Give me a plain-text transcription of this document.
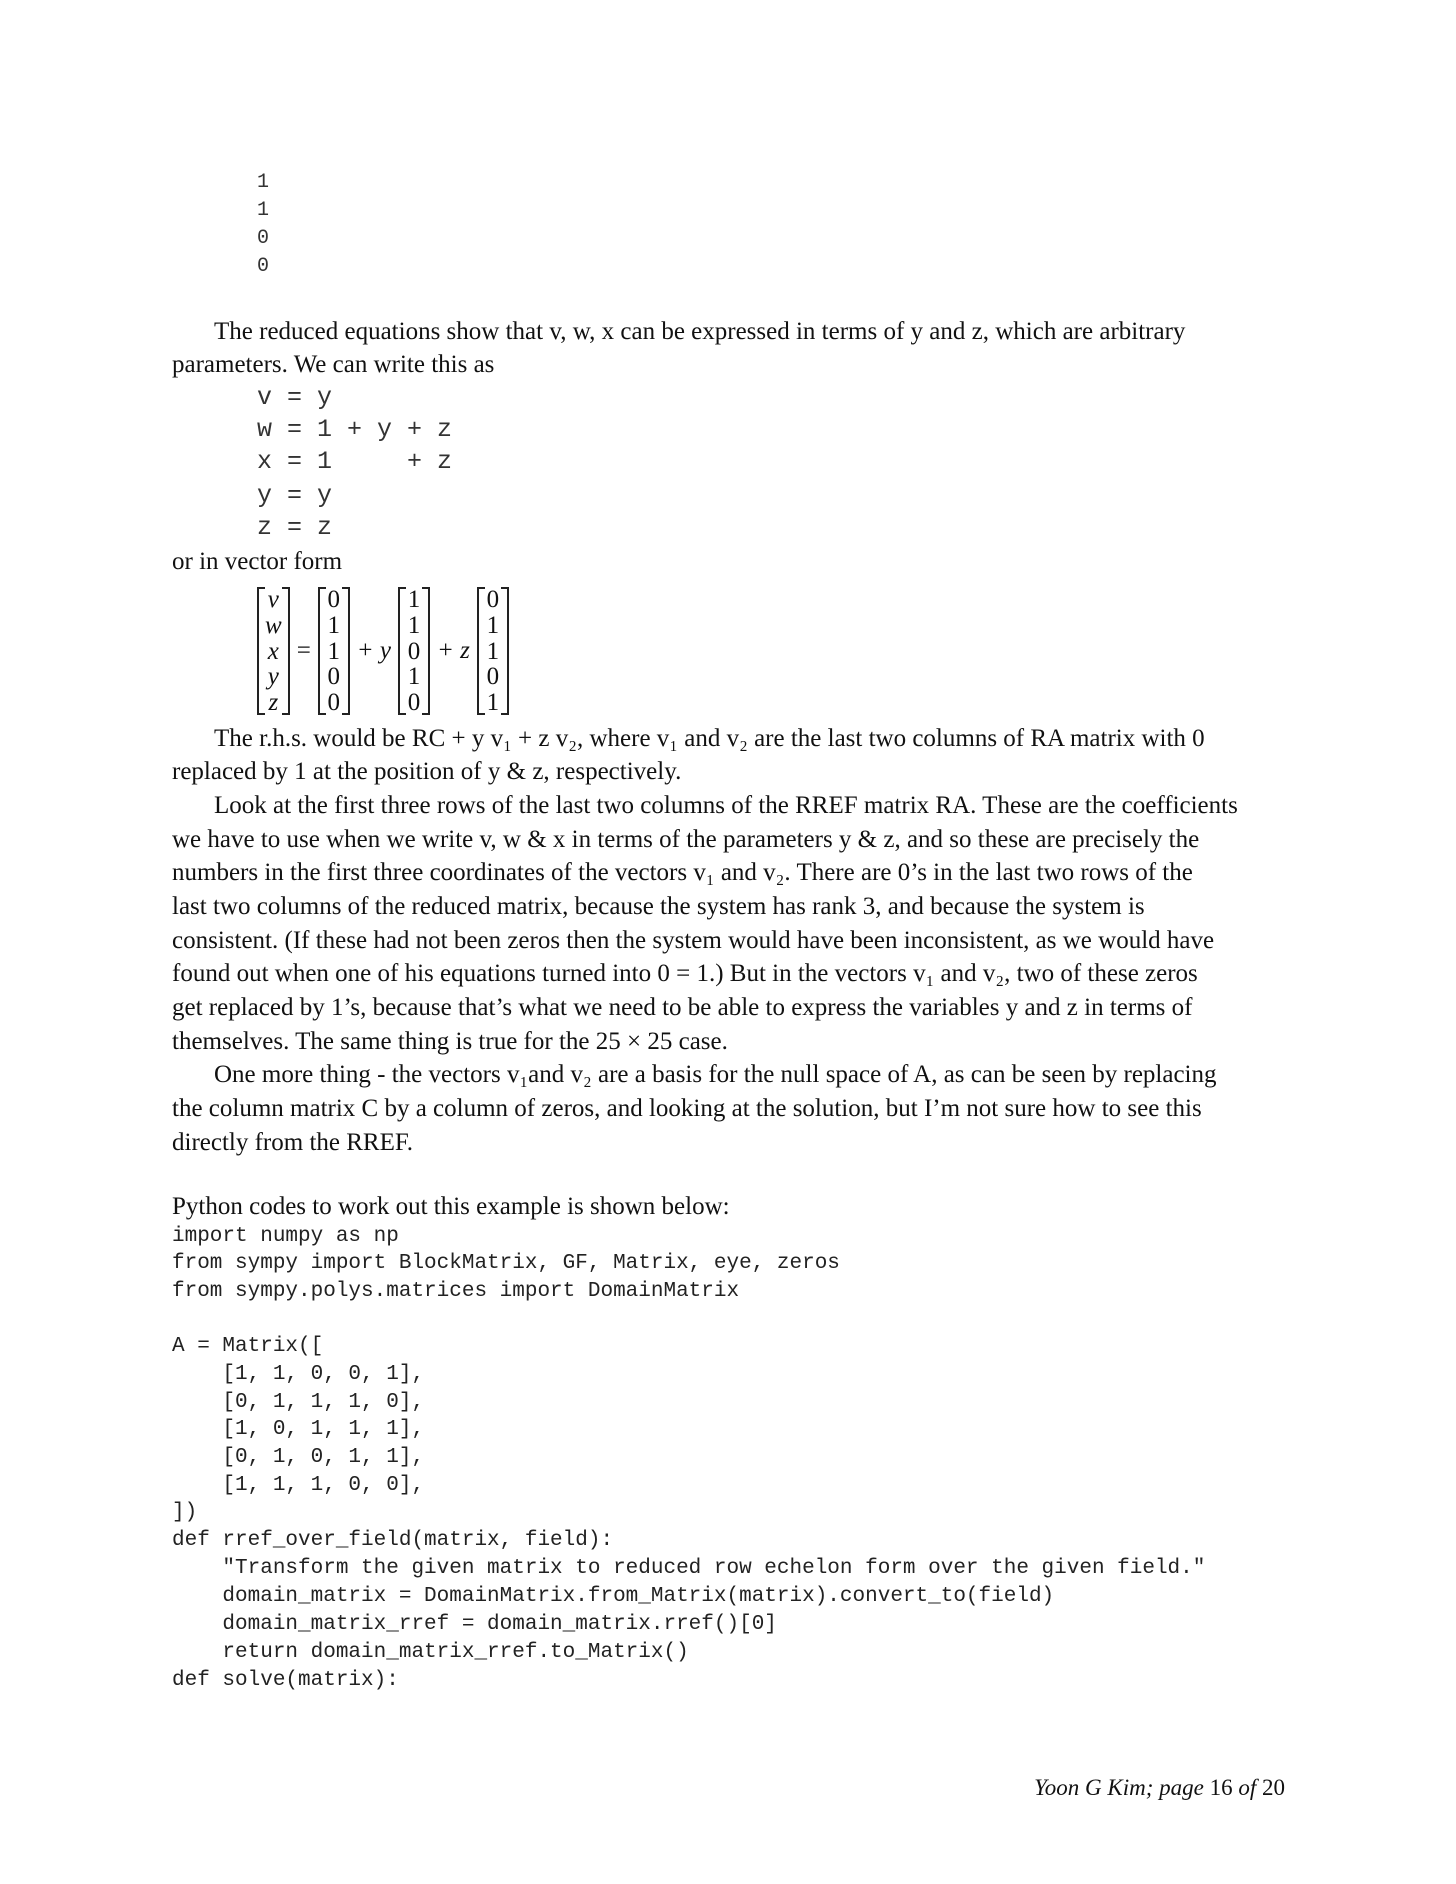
1
1
0
0
The reduced equations show that v, w, x can be expressed in terms of y and z, which are arbitrary
parameters. We can write this as
v = y
w = 1 + y + z
x = 1     + z
y = y
z = z
or in vector form
v
w
x
y
z
=
0
1
1
0
0
+ y
1
1
0
1
0
+ z
0
1
1
0
1
The r.h.s. would be RC + y v₁ + z v₂, where v₁ and v₂ are the last two columns of RA matrix with 0
replaced by 1 at the position of y & z, respectively.
Look at the first three rows of the last two columns of the RREF matrix RA. These are the coefficients
we have to use when we write v, w & x in terms of the parameters y & z, and so these are precisely the
numbers in the first three coordinates of the vectors v₁ and v₂. There are 0’s in the last two rows of the
last two columns of the reduced matrix, because the system has rank 3, and because the system is
consistent. (If these had not been zeros then the system would have been inconsistent, as we would have
found out when one of his equations turned into 0 = 1.) But in the vectors v₁ and v₂, two of these zeros
get replaced by 1’s, because that’s what we need to be able to express the variables y and z in terms of
themselves. The same thing is true for the 25 × 25 case.
One more thing - the vectors v₁and v₂ are a basis for the null space of A, as can be seen by replacing
the column matrix C by a column of zeros, and looking at the solution, but I’m not sure how to see this
directly from the RREF.
Python codes to work out this example is shown below:
import numpy as np
from sympy import BlockMatrix, GF, Matrix, eye, zeros
from sympy.polys.matrices import DomainMatrix
A = Matrix([
[1, 1, 0, 0, 1],
[0, 1, 1, 1, 0],
[1, 0, 1, 1, 1],
[0, 1, 0, 1, 1],
[1, 1, 1, 0, 0],
])
def rref_over_field(matrix, field):
"Transform the given matrix to reduced row echelon form over the given field."
domain_matrix = DomainMatrix.from_Matrix(matrix).convert_to(field)
domain_matrix_rref = domain_matrix.rref()[0]
return domain_matrix_rref.to_Matrix()
def solve(matrix):
Yoon G Kim; page 16 of 20
